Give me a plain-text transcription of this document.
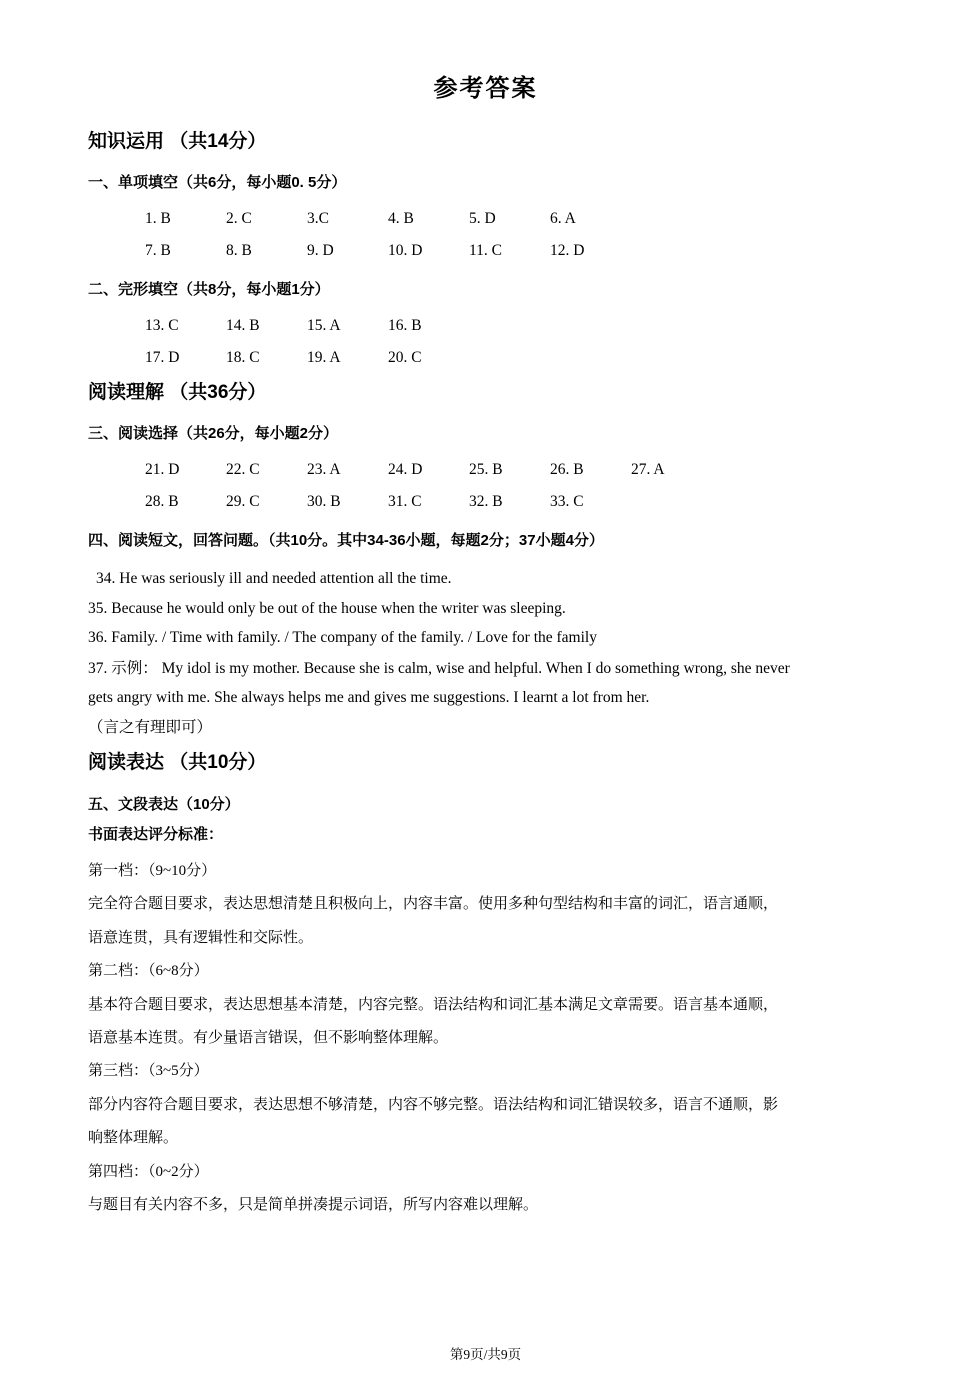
参考答案
知识运用 （共14分）
一、单项填空（共6分，每小题0. 5分）
1. B	2. C	3.C	4. B	5. D	6. A
7. B	8. B	9. D	10. D	11. C	12. D
二、完形填空（共8分，每小题1分）
13. C	14. B	15. A	16. B
17. D	18. C	19. A	20. C
阅读理解 （共36分）
三、阅读选择（共26分，每小题2分）
21. D	22. C	23. A	24. D	25. B	26. B	27. A
28. B	29. C	30. B	31. C	32. B	33. C
四、阅读短文，回答问题。（共10分。其中34-36小题，每题2分；37小题4分）
34. He was seriously ill and needed attention all the time.
35. Because he would only be out of the house when the writer was sleeping.
36. Family. / Time with family. / The company of the family. / Love for the family
37. 示例： My idol is my mother. Because she is calm, wise and helpful. When I do something wrong, she never
gets angry with me. She always helps me and gives me suggestions. I learnt a lot from her.
（言之有理即可）
阅读表达 （共10分）
五、文段表达（10分）
书面表达评分标准：
第一档：（9~10分）
完全符合题目要求，表达思想清楚且积极向上，内容丰富。使用多种句型结构和丰富的词汇，语言通顺，
语意连贯，具有逻辑性和交际性。
第二档：（6~8分）
基本符合题目要求，表达思想基本清楚，内容完整。语法结构和词汇基本满足文章需要。语言基本通顺，
语意基本连贯。有少量语言错误，但不影响整体理解。
第三档：（3~5分）
部分内容符合题目要求，表达思想不够清楚，内容不够完整。语法结构和词汇错误较多，语言不通顺，影
响整体理解。
第四档：（0~2分）
与题目有关内容不多，只是简单拼凑提示词语，所写内容难以理解。
第9页/共9页
